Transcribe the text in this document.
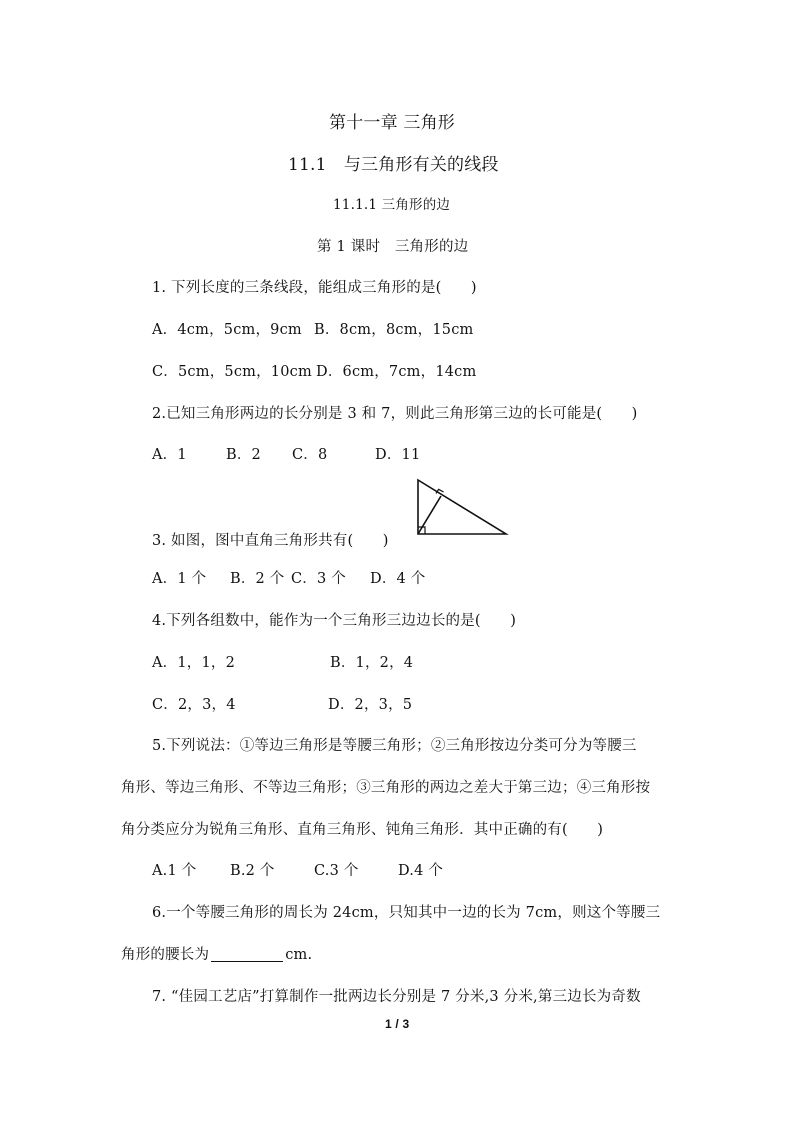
第十一章 三角形
11.1　与三角形有关的线段
11.1.1 三角形的边
第 1 课时　三角形的边
1. 下列长度的三条线段，能组成三角形的是(　　)
A．4cm，5cm，9cm B．8cm，8cm，15cm
C．5cm，5cm，10cm D．6cm，7cm，14cm
2.已知三角形两边的长分别是 3 和 7，则此三角形第三边的长可能是(　　)
A．1	B．2 C．8	D．11
3. 如图，图中直角三角形共有(　　)
A．1 个 B．2 个 C．3 个 D．4 个
4.下列各组数中，能作为一个三角形三边边长的是(　　)
A．1，1，2	B．1，2，4
C．2，3，4	D．2，3，5
5.下列说法：①等边三角形是等腰三角形；②三角形按边分类可分为等腰三
角形、等边三角形、不等边三角形；③三角形的两边之差大于第三边；④三角形按
角分类应分为锐角三角形、直角三角形、钝角三角形．其中正确的有(　　)
A.1 个 B.2 个	C.3 个	D.4 个
6.一个等腰三角形的周长为 24cm，只知其中一边的长为 7cm，则这个等腰三
角形的腰长为	cm.
7. “佳园工艺店”打算制作一批两边长分别是 7 分米,3 分米,第三边长为奇数
1 / 3
